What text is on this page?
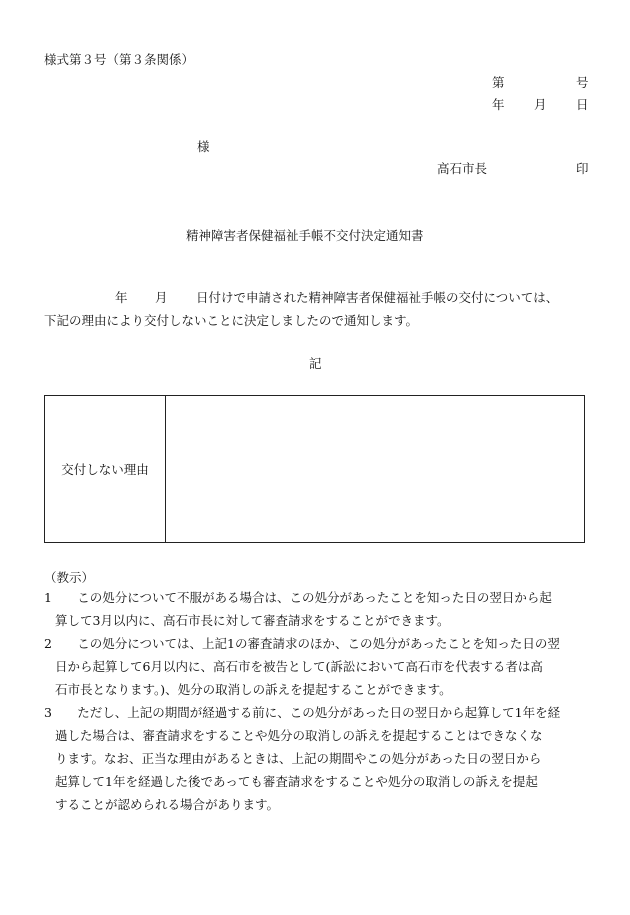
様式第３号（第３条関係）
第	号
年 月 日
様
高石市長	印
精神障害者保健福祉手帳不交付決定通知書
年 月 日付けで申請された精神障害者保健福祉手帳の交付については、
下記の理由により交付しないことに決定しましたので通知します。
記
交付しない理由
（教示）
1 この処分について不服がある場合は、この処分があったことを知った日の翌日から起
算して3月以内に、高石市長に対して審査請求をすることができます。
2 この処分については、上記1の審査請求のほか、この処分があったことを知った日の翌
日から起算して6月以内に、高石市を被告として(訴訟において高石市を代表する者は高
石市長となります。)、処分の取消しの訴えを提起することができます。
3 ただし、上記の期間が経過する前に、この処分があった日の翌日から起算して1年を経
過した場合は、審査請求をすることや処分の取消しの訴えを提起することはできなくな
ります。なお、正当な理由があるときは、上記の期間やこの処分があった日の翌日から
起算して1年を経過した後であっても審査請求をすることや処分の取消しの訴えを提起
することが認められる場合があります。
